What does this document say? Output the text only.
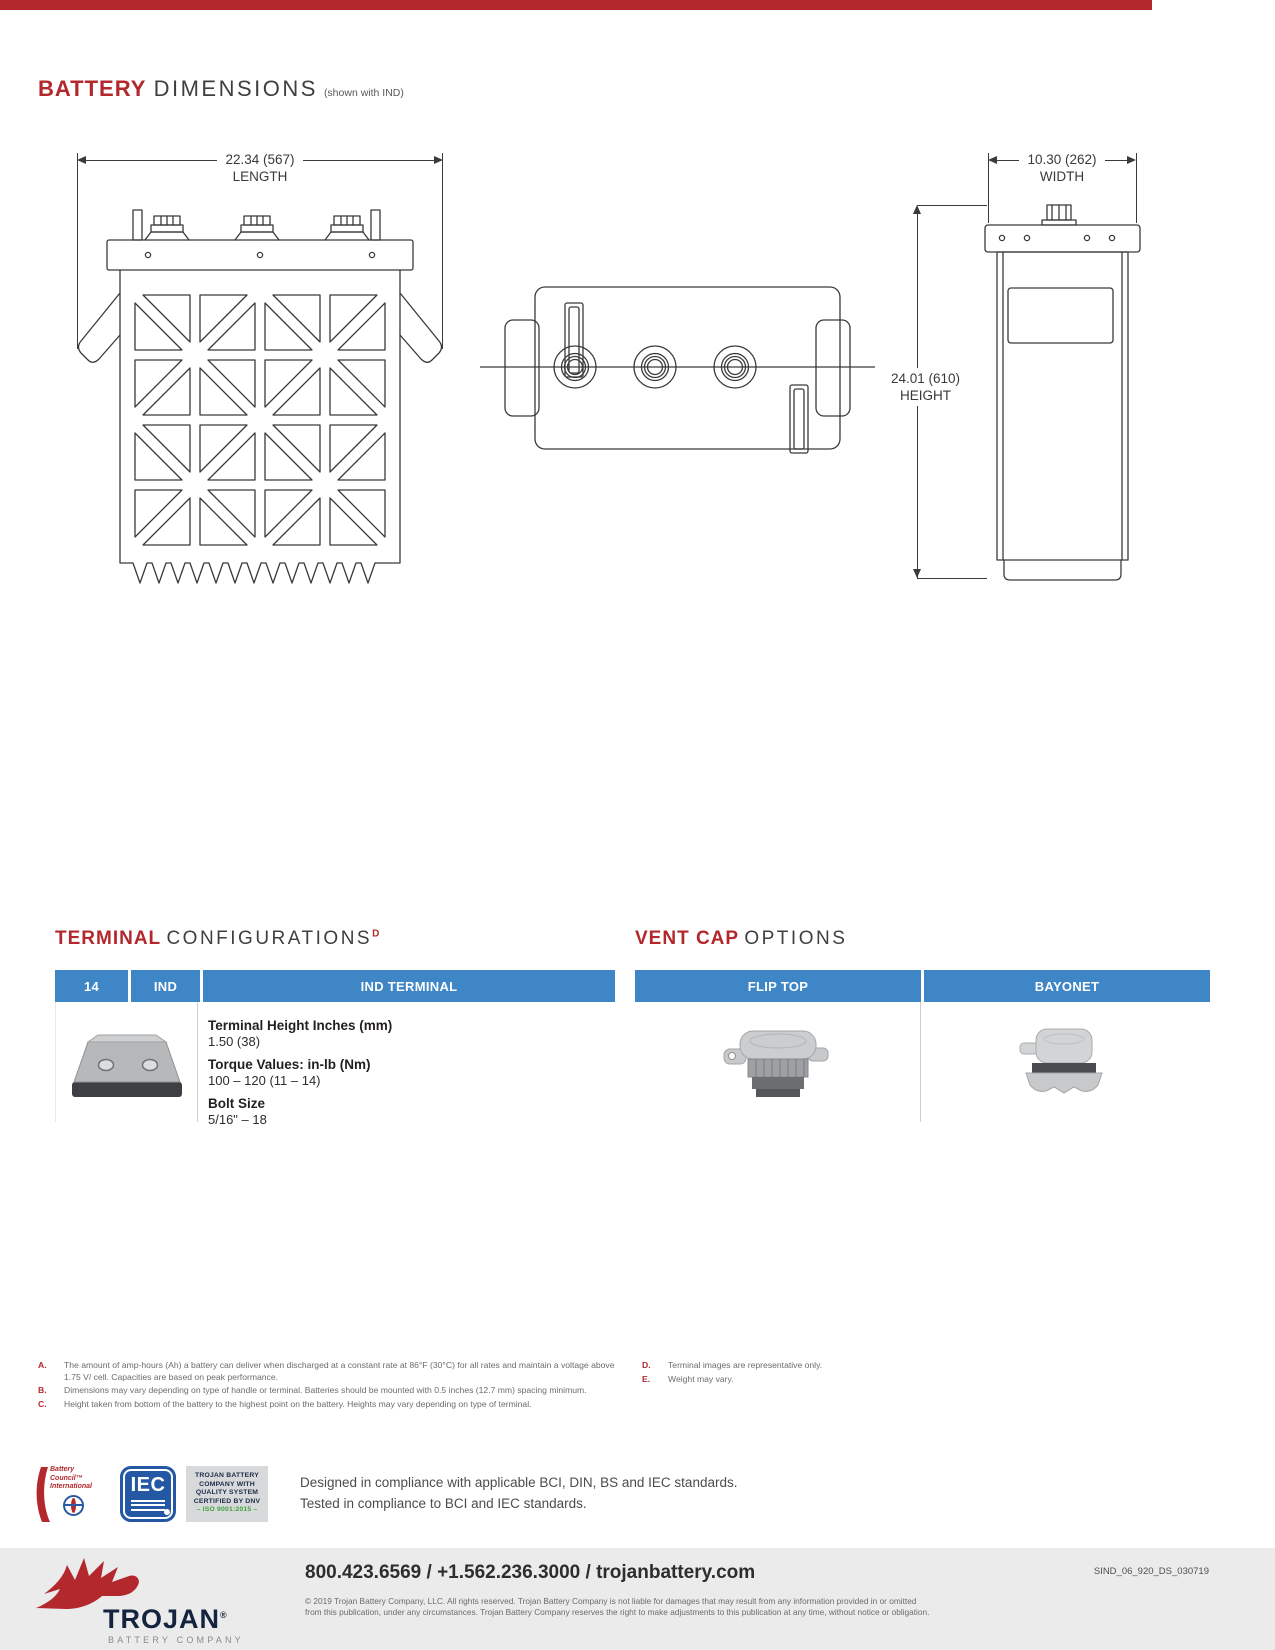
BATTERY DIMENSIONS (shown with IND)
22.34 (567)
LENGTH
10.30 (262)
WIDTH
24.01 (610)
HEIGHT
TERMINAL $CONFIGURATIONS^D$
14	IND	IND TERMINAL
Terminal Height Inches (mm)
1.50 (38)
Torque Values: in-lb (Nm)
100 – 120 (11 – 14)
Bolt Size
5/16" – 18
VENT CAP OPTIONS
FLIP TOP	BAYONET
A.	The amount of amp-hours (Ah) a battery can deliver when discharged at a constant rate at 86°F (30°C) for all rates and maintain a voltage above 1.75 V/ cell. Capacities are based on peak performance.
B.	Dimensions may vary depending on type of handle or terminal. Batteries should be mounted with 0.5 inches (12.7 mm) spacing minimum.
C.	Height taken from bottom of the battery to the highest point on the battery. Heights may vary depending on type of terminal.
D.	Terminal images are representative only.
E.	Weight may vary.
Battery Council™
International	IEC	TROJAN BATTERY
COMPANY WITH
QUALITY SYSTEM
CERTIFIED BY DNV
– ISO 9001:2015 –
Designed in compliance with applicable BCI, DIN, BS and IEC standards.
Tested in compliance to BCI and IEC standards.
TROJAN®
BATTERY COMPANY
800.423.6569 / +1.562.236.3000 / trojanbattery.com
© 2019 Trojan Battery Company, LLC. All rights reserved. Trojan Battery Company is not liable for damages that may result from any information provided in or omitted
from this publication, under any circumstances. Trojan Battery Company reserves the right to make adjustments to this publication at any time, without notice or obligation.
SIND_06_920_DS_030719
